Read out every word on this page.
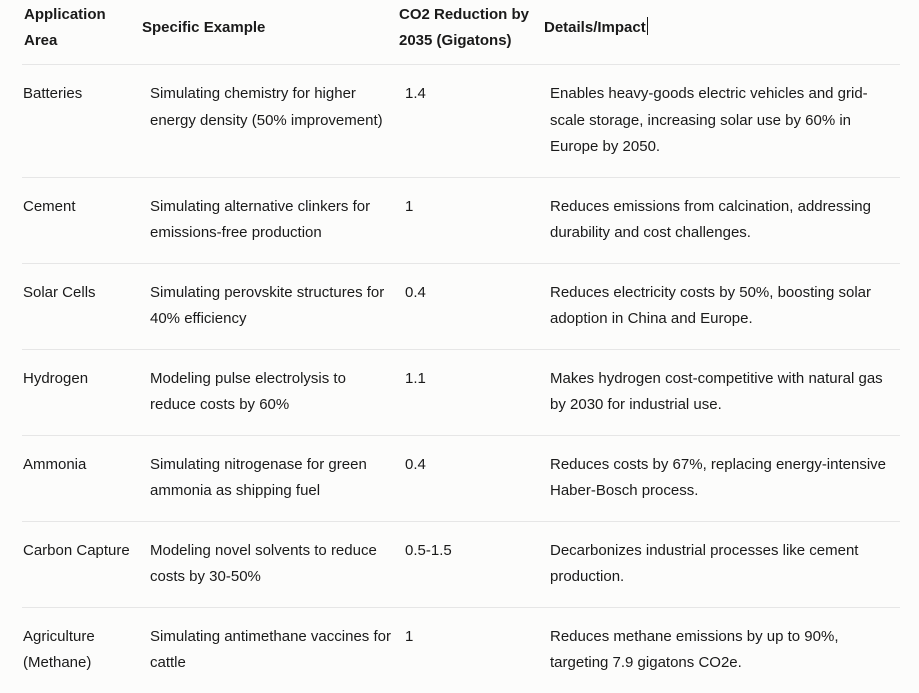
Application Area	Specific Example	CO2 Reduction by 2035 (Gigatons)	Details/Impact
Batteries	Simulating chemistry for higher energy density (50% improvement)	1.4	Enables heavy-goods electric vehicles and grid-scale storage, increasing solar use by 60% in Europe by 2050.
Cement	Simulating alternative clinkers for emissions-free production	1	Reduces emissions from calcination, addressing durability and cost challenges.
Solar Cells	Simulating perovskite structures for 40% efficiency	0.4	Reduces electricity costs by 50%, boosting solar adoption in China and Europe.
Hydrogen	Modeling pulse electrolysis to reduce costs by 60%	1.1	Makes hydrogen cost-competitive with natural gas by 2030 for industrial use.
Ammonia	Simulating nitrogenase for green ammonia as shipping fuel	0.4	Reduces costs by 67%, replacing energy-intensive Haber-Bosch process.
Carbon Capture	Modeling novel solvents to reduce costs by 30-50%	0.5-1.5	Decarbonizes industrial processes like cement production.
Agriculture (Methane)	Simulating antimethane vaccines for cattle	1	Reduces methane emissions by up to 90%, targeting 7.9 gigatons CO2e.
